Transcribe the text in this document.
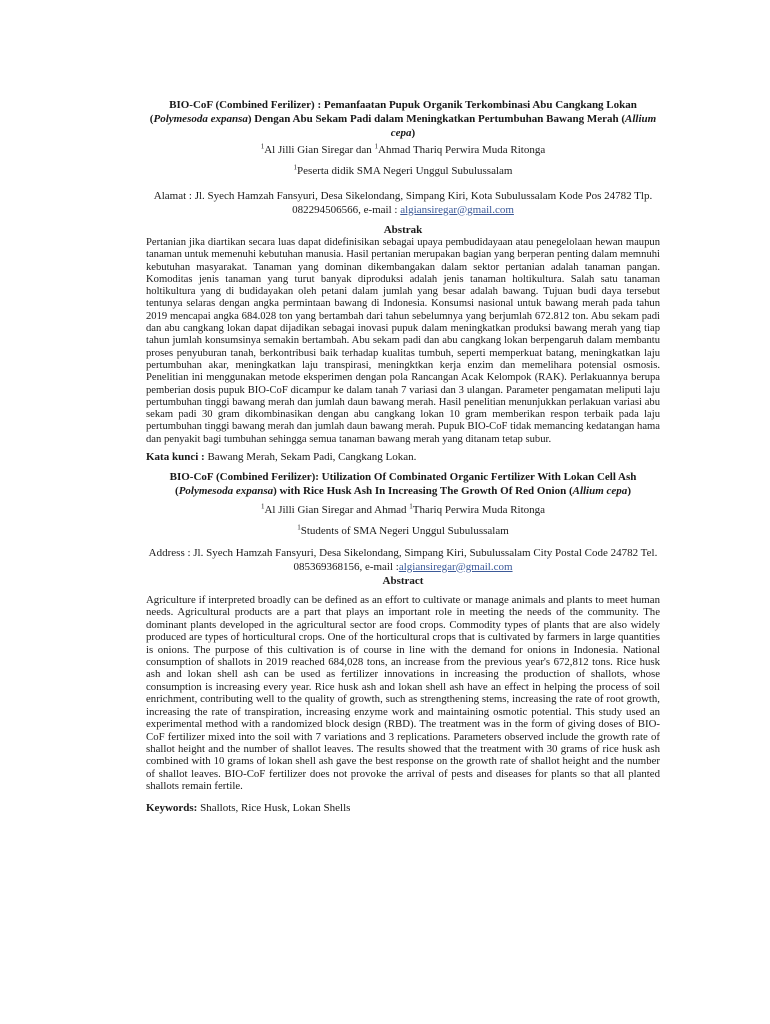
BIO-CoF (Combined Ferilizer) : Pemanfaatan Pupuk Organik Terkombinasi Abu Cangkang Lokan (Polymesoda expansa) Dengan Abu Sekam Padi dalam Meningkatkan Pertumbuhan Bawang Merah (Allium cepa)

$^1$Al Jilli Gian Siregar dan $^1$Ahmad Thariq Perwira Muda Ritonga

$^1$Peserta didik SMA Negeri Unggul Subulussalam

Alamat : Jl. Syech Hamzah Fansyuri, Desa Sikelondang, Simpang Kiri, Kota Subulussalam Kode Pos 24782 Tlp. 082294506566, e-mail : algiansiregar@gmail.com

Abstrak

Pertanian jika diartikan secara luas dapat didefinisikan sebagai upaya pembudidayaan atau penegelolaan hewan maupun tanaman untuk memenuhi kebutuhan manusia. Hasil pertanian merupakan bagian yang berperan penting dalam memnuhi kebutuhan masyarakat. Tanaman yang dominan dikembangakan dalam sektor pertanian adalah tanaman pangan. Komoditas jenis tanaman yang turut banyak diproduksi adalah jenis tanaman holtikultura. Salah satu tanaman holtikultura yang di budidayakan oleh petani dalam jumlah yang besar adalah bawang. Tujuan budi daya tersebut tentunya selaras dengan angka permintaan bawang di Indonesia. Konsumsi nasional untuk bawang merah pada tahun 2019 mencapai angka 684.028 ton yang bertambah dari tahun sebelumnya yang berjumlah 672.812 ton. Abu sekam padi dan abu cangkang lokan dapat dijadikan sebagai inovasi pupuk dalam meningkatkan produksi bawang merah yang tiap tahun jumlah konsumsinya semakin bertambah. Abu sekam padi dan abu cangkang lokan berpengaruh dalam membantu proses penyuburan tanah, berkontribusi baik terhadap kualitas tumbuh, seperti memperkuat batang, meningkatkan laju pertumbuhan akar, meningkatkan laju transpirasi, meningktkan kerja enzim dan memelihara potensial osmosis. Penelitian ini menggunakan metode eksperimen dengan pola Rancangan Acak Kelompok (RAK). Perlakuannya berupa pemberian dosis pupuk BIO-CoF dicampur ke dalam tanah 7 variasi dan 3 ulangan. Parameter pengamatan meliputi laju pertumbuhan tinggi bawang merah dan jumlah daun bawang merah. Hasil penelitian menunjukkan perlakuan variasi abu sekam padi 30 gram dikombinasikan dengan abu cangkang lokan 10 gram memberikan respon terbaik pada laju pertumbuhan tinggi bawang merah dan jumlah daun bawang merah. Pupuk BIO-CoF tidak memancing kedatangan hama dan penyakit bagi tumbuhan sehingga semua tanaman bawang merah yang ditanam tetap subur.

Kata kunci : Bawang Merah, Sekam Padi, Cangkang Lokan.

BIO-CoF (Combined Ferilizer): Utilization Of Combinated Organic Fertilizer With Lokan Cell Ash (Polymesoda expansa) with Rice Husk Ash In Increasing The Growth Of Red Onion (Allium cepa)

$^1$Al Jilli Gian Siregar and Ahmad $^1$Thariq Perwira Muda Ritonga

$^1$Students of SMA Negeri Unggul Subulussalam

Address : Jl. Syech Hamzah Fansyuri, Desa Sikelondang, Simpang Kiri, Subulussalam City Postal Code 24782 Tel. 085369368156, e-mail :algiansiregar@gmail.com

Abstract

Agriculture if interpreted broadly can be defined as an effort to cultivate or manage animals and plants to meet human needs. Agricultural products are a part that plays an important role in meeting the needs of the community. The dominant plants developed in the agricultural sector are food crops. Commodity types of plants that are also widely produced are types of horticultural crops. One of the horticultural crops that is cultivated by farmers in large quantities is onions. The purpose of this cultivation is of course in line with the demand for onions in Indonesia. National consumption of shallots in 2019 reached 684,028 tons, an increase from the previous year's 672,812 tons. Rice husk ash and lokan shell ash can be used as fertilizer innovations in increasing the production of shallots, whose consumption is increasing every year. Rice husk ash and lokan shell ash have an effect in helping the process of soil enrichment, contributing well to the quality of growth, such as strengthening stems, increasing the rate of root growth, increasing the rate of transpiration, increasing enzyme work and maintaining osmotic potential. This study used an experimental method with a randomized block design (RBD). The treatment was in the form of giving doses of BIO-CoF fertilizer mixed into the soil with 7 variations and 3 replications. Parameters observed include the growth rate of shallot height and the number of shallot leaves. The results showed that the treatment with 30 grams of rice husk ash combined with 10 grams of lokan shell ash gave the best response on the growth rate of shallot height and the number of shallot leaves. BIO-CoF fertilizer does not provoke the arrival of pests and diseases for plants so that all planted shallots remain fertile.

Keywords: Shallots, Rice Husk, Lokan Shells
